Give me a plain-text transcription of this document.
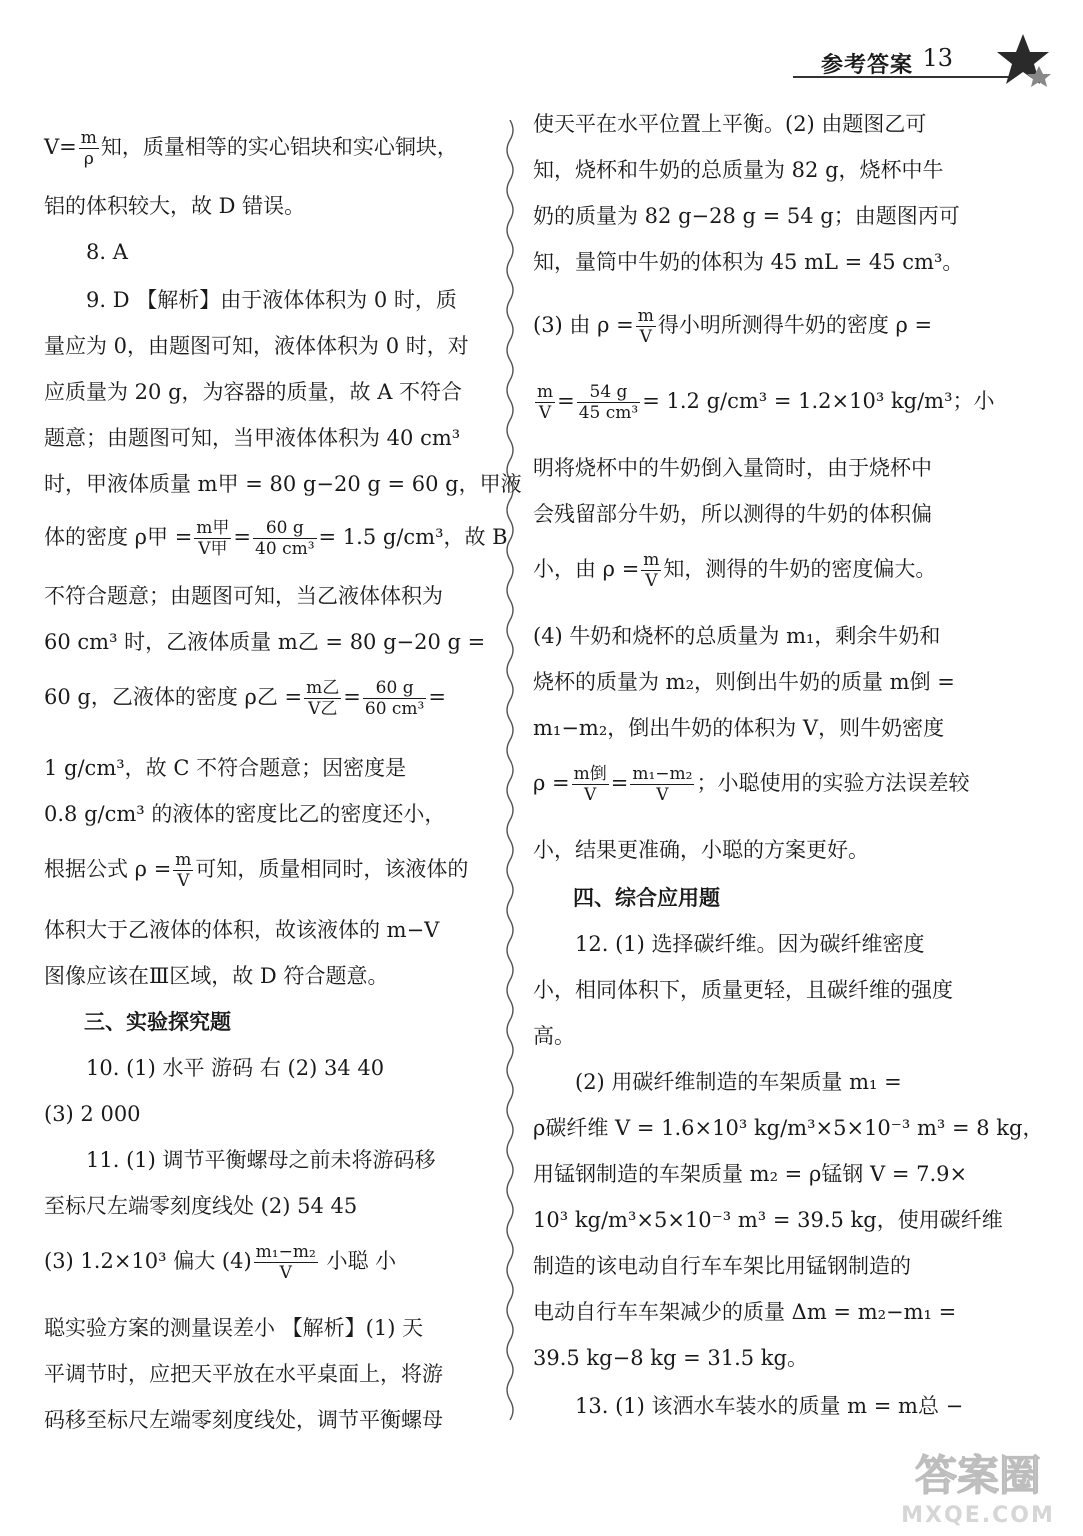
参考答案 13
$V= \frac{m}{\rho}$ 知，质量相等的实心铝块和实心铜块，
铝的体积较大，故 D 错误。
8. A
9. D 【解析】由于液体体积为 0 时，质
量应为 0，由题图可知，液体体积为 0 时，对
应质量为 20 g，为容器的质量，故 A 不符合
题意；由题图可知，当甲液体体积为 40 cm³
时，甲液体质量 m甲 = 80 g−20 g = 60 g，甲液
体的密度 ρ甲 = $\frac{\text{m甲}}{\text{V甲}} = \frac{60 g}{\text{40 cm³}} = 1.5$ g/cm³，故 B
不符合题意；由题图可知，当乙液体体积为
60 cm³ 时，乙液体质量 m乙 = 80 g−20 g =
60 g，乙液体的密度 ρ乙 = $\frac{\text{m乙}}{\text{V乙}} = \frac{60 g}{\text{60 cm³}}$ =
1 g/cm³，故 C 不符合题意；因密度是
0.8 g/cm³ 的液体的密度比乙的密度还小，
根据公式 $\rho = \frac{m}{V}$ 可知，质量相同时，该液体的
体积大于乙液体的体积，故该液体的 m−V
图像应该在Ⅲ区域，故 D 符合题意。
三、实验探究题
10. (1) 水平 游码 右 (2) 34 40
(3) 2 000
11. (1) 调节平衡螺母之前未将游码移
至标尺左端零刻度线处 (2) 54 45
(3) 1.2×10³ 偏大 $(4) \frac{\text{m₁−m₂}}{V}$ 小聪 小
聪实验方案的测量误差小 【解析】(1) 天
平调节时，应把天平放在水平桌面上，将游
码移至标尺左端零刻度线处，调节平衡螺母
使天平在水平位置上平衡。(2) 由题图乙可
知，烧杯和牛奶的总质量为 82 g，烧杯中牛
奶的质量为 82 g−28 g = 54 g；由题图丙可
知，量筒中牛奶的体积为 45 mL = 45 cm³。
(3) 由 $\rho = \frac{m}{V}$ 得小明所测得牛奶的密度 ρ =
$\frac{m}{V} = \frac{54 g}{\text{45 cm³}} = 1.2$ g/cm³ = 1.2×10³ kg/m³；小
明将烧杯中的牛奶倒入量筒时，由于烧杯中
会残留部分牛奶，所以测得的牛奶的体积偏
小，由 $\rho = \frac{m}{V}$ 知，测得的牛奶的密度偏大。
(4) 牛奶和烧杯的总质量为 m₁，剩余牛奶和
烧杯的质量为 m₂，则倒出牛奶的质量 m倒 =
m₁−m₂，倒出牛奶的体积为 V，则牛奶密度
$\rho = \frac{\text{m倒}}{V} = \frac{\text{m₁−m₂}}{V}$ ；小聪使用的实验方法误差较
小，结果更准确，小聪的方案更好。
四、综合应用题
12. (1) 选择碳纤维。因为碳纤维密度
小，相同体积下，质量更轻，且碳纤维的强度
高。
(2) 用碳纤维制造的车架质量 m₁ =
ρ碳纤维 V = 1.6×10³ kg/m³×5×10⁻³ m³ = 8 kg，
用锰钢制造的车架质量 m₂ = ρ锰钢 V = 7.9×
10³ kg/m³×5×10⁻³ m³ = 39.5 kg，使用碳纤维
制造的该电动自行车车架比用锰钢制造的
电动自行车车架减少的质量 Δm = m₂−m₁ =
39.5 kg−8 kg = 31.5 kg。
13. (1) 该洒水车装水的质量 m = m总 −
答案圈
MXQE.COM
